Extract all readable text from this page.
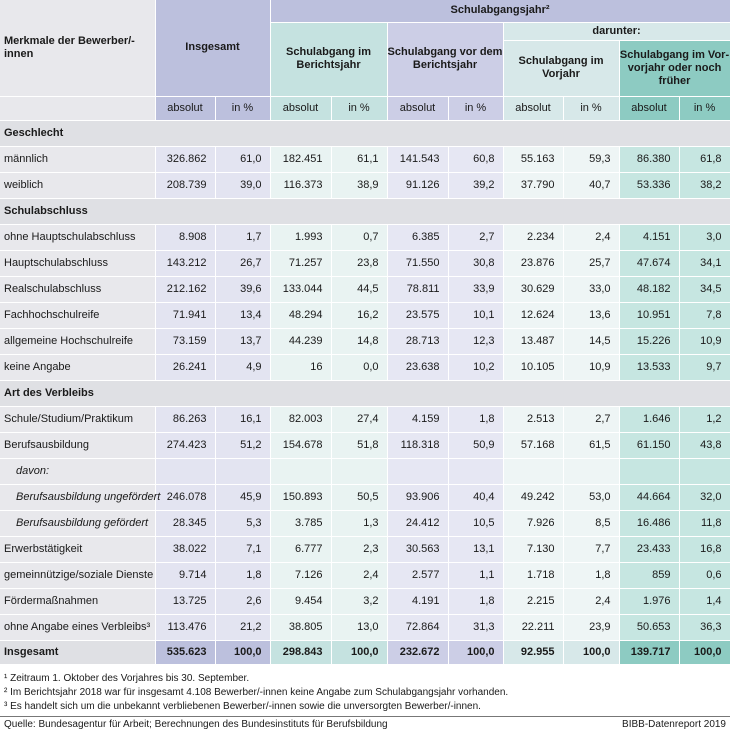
Merkmale der Bewerber/-innen	Insgesamt		Schulabgangsjahr²							
			Schulabgang im Berichtsjahr		Schulabgang vor dem Berichtsjahr		darunter:			
							Schulabgang im Vorjahr		Schulabgang im Vor- vorjahr oder noch früher	
	absolut	in %	absolut	in %	absolut	in %	absolut	in %	absolut	in %
Geschlecht										
männlich	326.862	61,0	182.451	61,1	141.543	60,8	55.163	59,3	86.380	61,8
weiblich	208.739	39,0	116.373	38,9	91.126	39,2	37.790	40,7	53.336	38,2
Schulabschluss										
ohne Hauptschulabschluss	8.908	1,7	1.993	0,7	6.385	2,7	2.234	2,4	4.151	3,0
Hauptschulabschluss	143.212	26,7	71.257	23,8	71.550	30,8	23.876	25,7	47.674	34,1
Realschulabschluss	212.162	39,6	133.044	44,5	78.811	33,9	30.629	33,0	48.182	34,5
Fachhochschulreife	71.941	13,4	48.294	16,2	23.575	10,1	12.624	13,6	10.951	7,8
allgemeine Hochschulreife	73.159	13,7	44.239	14,8	28.713	12,3	13.487	14,5	15.226	10,9
keine Angabe	26.241	4,9	16	0,0	23.638	10,2	10.105	10,9	13.533	9,7
Art des Verbleibs										
Schule/Studium/Praktikum	86.263	16,1	82.003	27,4	4.159	1,8	2.513	2,7	1.646	1,2
Berufsausbildung	274.423	51,2	154.678	51,8	118.318	50,9	57.168	61,5	61.150	43,8
davon:										
Berufsausbildung ungefördert	246.078	45,9	150.893	50,5	93.906	40,4	49.242	53,0	44.664	32,0
Berufsausbildung gefördert	28.345	5,3	3.785	1,3	24.412	10,5	7.926	8,5	16.486	11,8
Erwerbstätigkeit	38.022	7,1	6.777	2,3	30.563	13,1	7.130	7,7	23.433	16,8
gemeinnützige/soziale Dienste	9.714	1,8	7.126	2,4	2.577	1,1	1.718	1,8	859	0,6
Fördermaßnahmen	13.725	2,6	9.454	3,2	4.191	1,8	2.215	2,4	1.976	1,4
ohne Angabe eines Verbleibs³	113.476	21,2	38.805	13,0	72.864	31,3	22.211	23,9	50.653	36,3
Insgesamt	535.623	100,0	298.843	100,0	232.672	100,0	92.955	100,0	139.717	100,0
¹ Zeitraum 1. Oktober des Vorjahres bis 30. September.
² Im Berichtsjahr 2018 war für insgesamt 4.108 Bewerber/-innen keine Angabe zum Schulabgangsjahr vorhanden.
³ Es handelt sich um die unbekannt verbliebenen Bewerber/-innen sowie die unversorgten Bewerber/-innen.
Quelle: Bundesagentur für Arbeit; Berechnungen des Bundesinstituts für Berufsbildung	BIBB-Datenreport 2019
